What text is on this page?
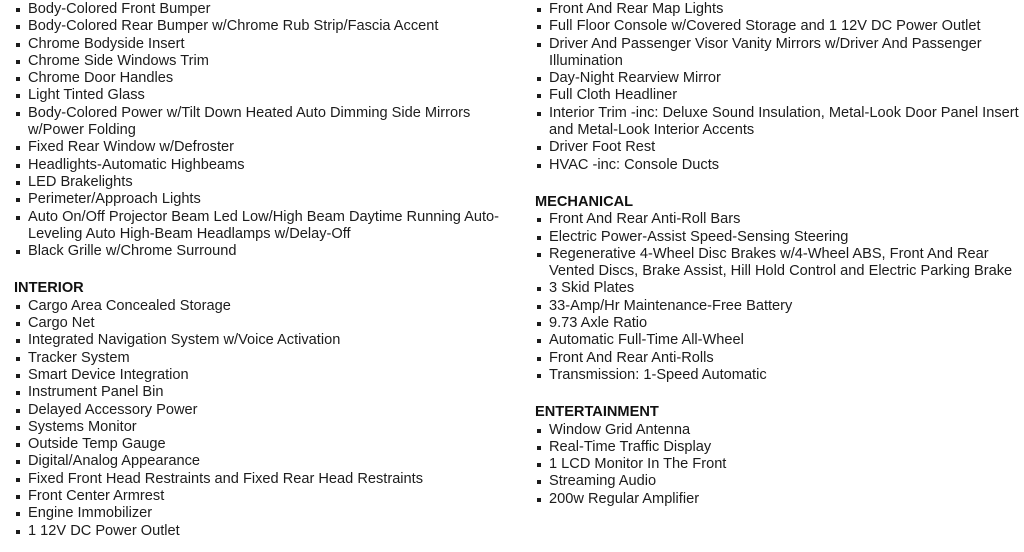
Body-Colored Front Bumper
Body-Colored Rear Bumper w/Chrome Rub Strip/Fascia Accent
Chrome Bodyside Insert
Chrome Side Windows Trim
Chrome Door Handles
Light Tinted Glass
Body-Colored Power w/Tilt Down Heated Auto Dimming Side Mirrors w/Power Folding
Fixed Rear Window w/Defroster
Headlights-Automatic Highbeams
LED Brakelights
Perimeter/Approach Lights
Auto On/Off Projector Beam Led Low/High Beam Daytime Running Auto-Leveling Auto High-Beam Headlamps w/Delay-Off
Black Grille w/Chrome Surround
INTERIOR
Cargo Area Concealed Storage
Cargo Net
Integrated Navigation System w/Voice Activation
Tracker System
Smart Device Integration
Instrument Panel Bin
Delayed Accessory Power
Systems Monitor
Outside Temp Gauge
Digital/Analog Appearance
Fixed Front Head Restraints and Fixed Rear Head Restraints
Front Center Armrest
Engine Immobilizer
1 12V DC Power Outlet
Front And Rear Map Lights
Full Floor Console w/Covered Storage and 1 12V DC Power Outlet
Driver And Passenger Visor Vanity Mirrors w/Driver And Passenger Illumination
Day-Night Rearview Mirror
Full Cloth Headliner
Interior Trim -inc: Deluxe Sound Insulation, Metal-Look Door Panel Insert and Metal-Look Interior Accents
Driver Foot Rest
HVAC -inc: Console Ducts
MECHANICAL
Front And Rear Anti-Roll Bars
Electric Power-Assist Speed-Sensing Steering
Regenerative 4-Wheel Disc Brakes w/4-Wheel ABS, Front And Rear Vented Discs, Brake Assist, Hill Hold Control and Electric Parking Brake
3 Skid Plates
33-Amp/Hr Maintenance-Free Battery
9.73 Axle Ratio
Automatic Full-Time All-Wheel
Front And Rear Anti-Rolls
Transmission: 1-Speed Automatic
ENTERTAINMENT
Window Grid Antenna
Real-Time Traffic Display
1 LCD Monitor In The Front
Streaming Audio
200w Regular Amplifier
